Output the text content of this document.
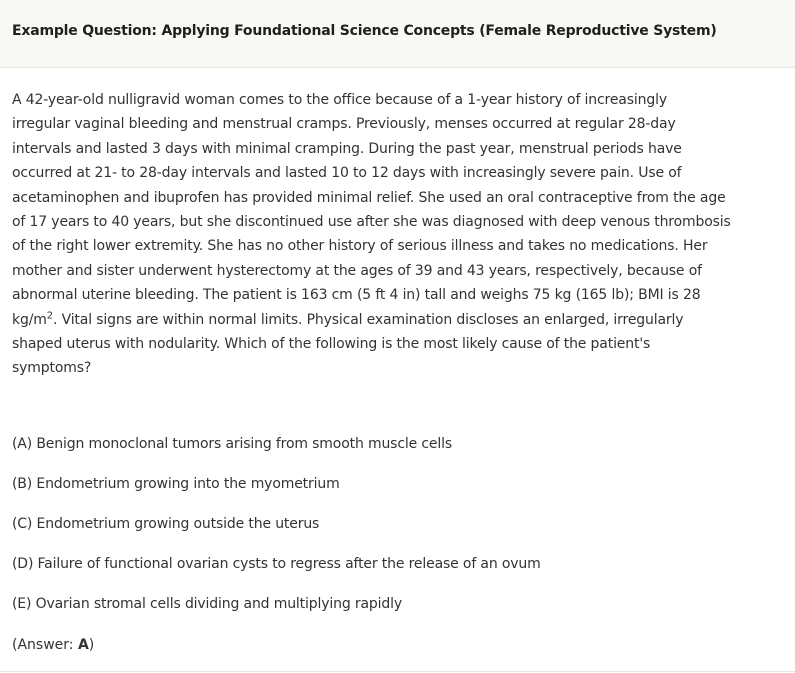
Example Question: Applying Foundational Science Concepts (Female Reproductive System)
A 42-year-old nulligravid woman comes to the office because of a 1-year history of increasingly
irregular vaginal bleeding and menstrual cramps. Previously, menses occurred at regular 28-day
intervals and lasted 3 days with minimal cramping. During the past year, menstrual periods have
occurred at 21- to 28-day intervals and lasted 10 to 12 days with increasingly severe pain. Use of
acetaminophen and ibuprofen has provided minimal relief. She used an oral contraceptive from the age
of 17 years to 40 years, but she discontinued use after she was diagnosed with deep venous thrombosis
of the right lower extremity. She has no other history of serious illness and takes no medications. Her
mother and sister underwent hysterectomy at the ages of 39 and 43 years, respectively, because of
abnormal uterine bleeding. The patient is 163 cm (5 ft 4 in) tall and weighs 75 kg (165 lb); BMI is 28
$kg/m^2$. Vital signs are within normal limits. Physical examination discloses an enlarged, irregularly
shaped uterus with nodularity. Which of the following is the most likely cause of the patient's
symptoms?
(A) Benign monoclonal tumors arising from smooth muscle cells
(B) Endometrium growing into the myometrium
(C) Endometrium growing outside the uterus
(D) Failure of functional ovarian cysts to regress after the release of an ovum
(E) Ovarian stromal cells dividing and multiplying rapidly
(Answer: A)
